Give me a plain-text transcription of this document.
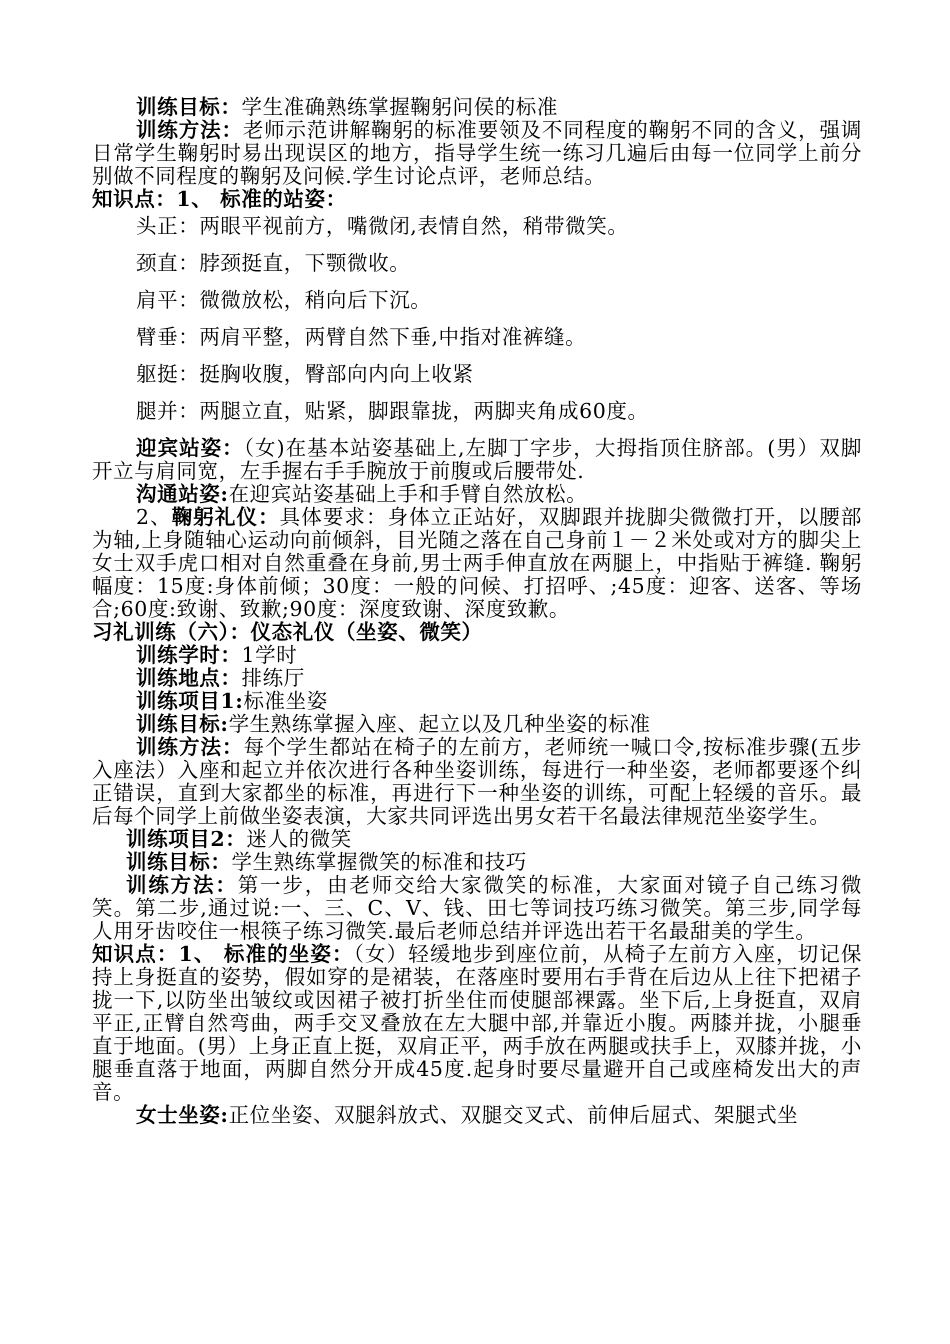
训练目标：学生准确熟练掌握鞠躬问侯的标准

训练方法：老师示范讲解鞠躬的标准要领及不同程度的鞠躬不同的含义，强调日常学生鞠躬时易出现误区的地方，指导学生统一练习几遍后由每一位同学上前分别做不同程度的鞠躬及问候.学生讨论点评，老师总结。

知识点：1、 标准的站姿：

头正：两眼平视前方，嘴微闭,表情自然，稍带微笑。

颈直：脖颈挺直，下颚微收。

肩平：微微放松，稍向后下沉。

臂垂：两肩平整，两臂自然下垂,中指对准裤缝。

躯挺：挺胸收腹，臀部向内向上收紧

腿并：两腿立直，贴紧，脚跟靠拢，两脚夹角成60度。

迎宾站姿：（女)在基本站姿基础上,左脚丁字步，大拇指顶住脐部。(男）双脚开立与肩同宽，左手握右手手腕放于前腹或后腰带处.

沟通站姿:在迎宾站姿基础上手和手臂自然放松。

2、鞠躬礼仪：具体要求：身体立正站好，双脚跟并拢脚尖微微打开，以腰部为轴,上身随轴心运动向前倾斜，目光随之落在自己身前１－２米处或对方的脚尖上女士双手虎口相对自然重叠在身前,男士两手伸直放在两腿上，中指贴于裤缝. 鞠躬幅度：15度:身体前倾；30度：一般的问候、打招呼、;45度：迎客、送客、等场合;60度:致谢、致歉;90度：深度致谢、深度致歉。

习礼训练（六）：仪态礼仪（坐姿、微笑）

训练学时：1学时

训练地点：排练厅

训练项目1:标准坐姿

训练目标:学生熟练掌握入座、起立以及几种坐姿的标准

训练方法：每个学生都站在椅子的左前方，老师统一喊口令,按标准步骤(五步入座法）入座和起立并依次进行各种坐姿训练，每进行一种坐姿，老师都要逐个纠正错误，直到大家都坐的标准，再进行下一种坐姿的训练，可配上轻缓的音乐。最后每个同学上前做坐姿表演，大家共同评选出男女若干名最法律规范坐姿学生。

训练项目2：迷人的微笑

训练目标：学生熟练掌握微笑的标准和技巧

训练方法：第一步，由老师交给大家微笑的标准，大家面对镜子自己练习微笑。第二步,通过说:一、三、C、V、钱、田七等词技巧练习微笑。第三步,同学每人用牙齿咬住一根筷子练习微笑.最后老师总结并评选出若干名最甜美的学生。

知识点：1、 标准的坐姿：（女）轻缓地步到座位前，从椅子左前方入座，切记保持上身挺直的姿势，假如穿的是裙装，在落座时要用右手背在后边从上往下把裙子拢一下,以防坐出皱纹或因裙子被打折坐住而使腿部裸露。坐下后,上身挺直，双肩平正,正臂自然弯曲，两手交叉叠放在左大腿中部,并靠近小腹。两膝并拢，小腿垂直于地面。(男）上身正直上挺，双肩正平，两手放在两腿或扶手上，双膝并拢，小腿垂直落于地面，两脚自然分开成45度.起身时要尽量避开自己或座椅发出大的声音。

女士坐姿:正位坐姿、双腿斜放式、双腿交叉式、前伸后屈式、架腿式坐
